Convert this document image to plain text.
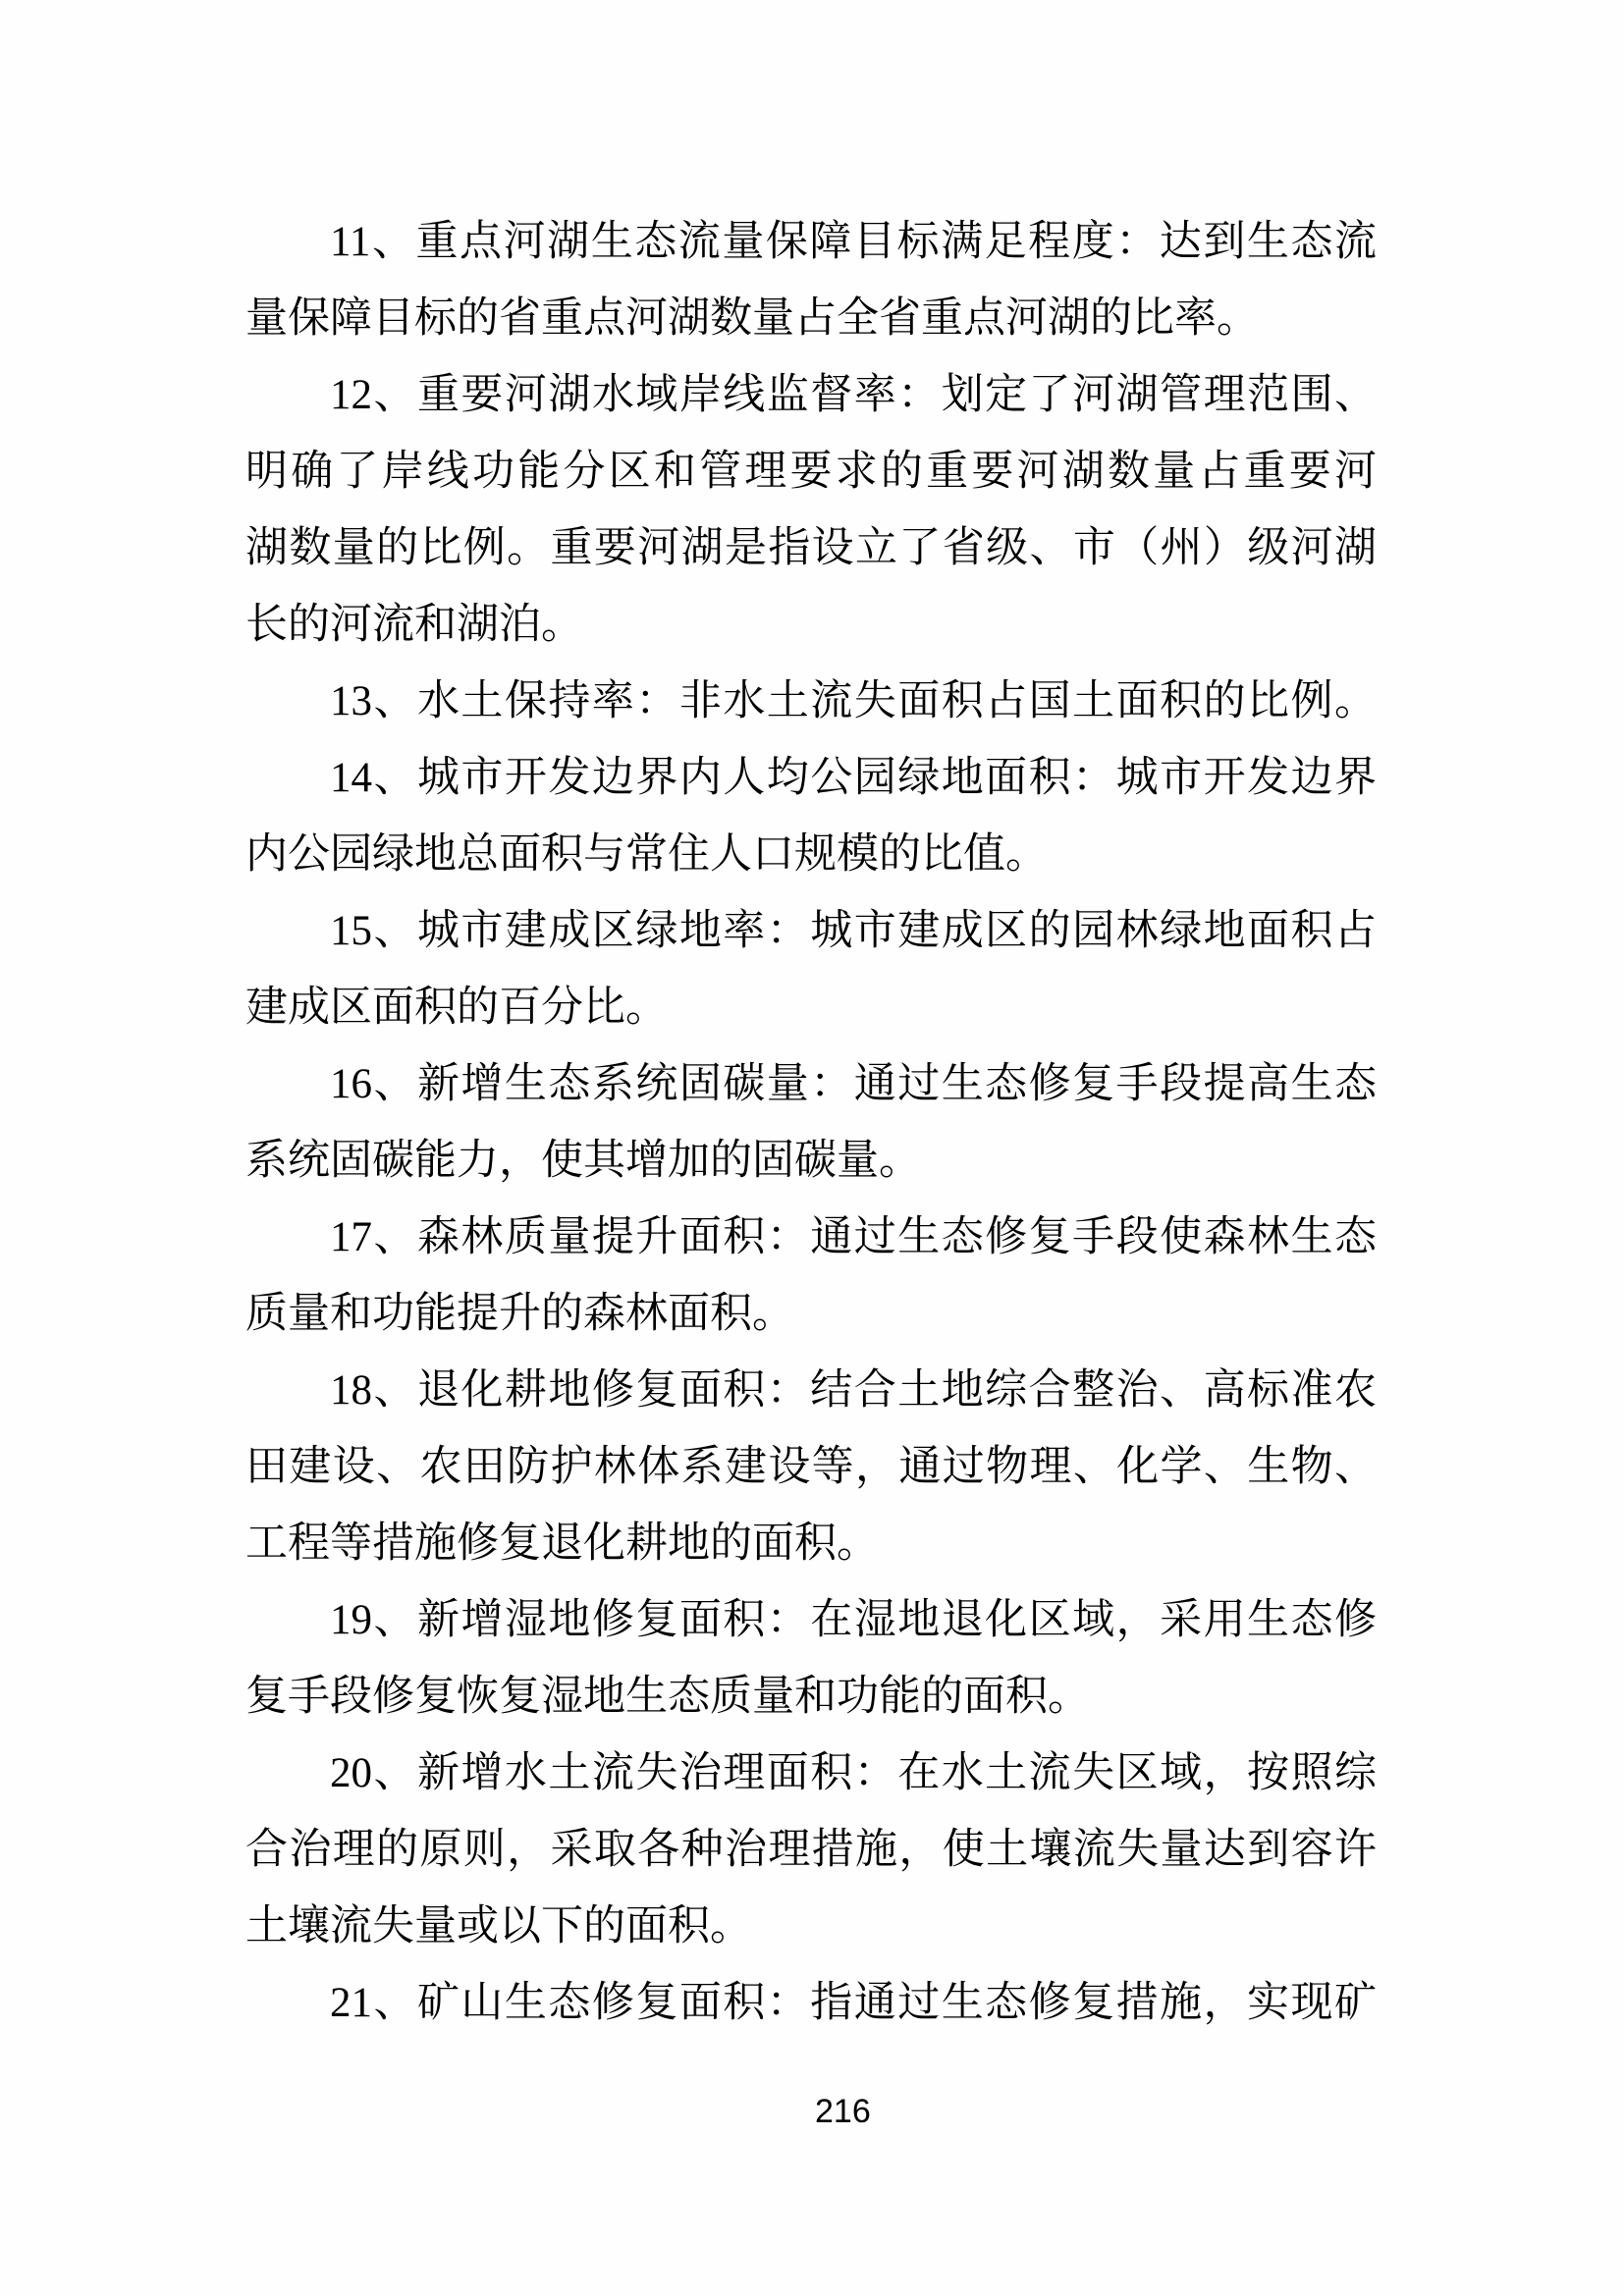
11、重点河湖生态流量保障目标满足程度：达到生态流
量保障目标的省重点河湖数量占全省重点河湖的比率。
12、重要河湖水域岸线监督率：划定了河湖管理范围、
明确了岸线功能分区和管理要求的重要河湖数量占重要河
湖数量的比例。重要河湖是指设立了省级、市（州）级河湖
长的河流和湖泊。
13、水土保持率：非水土流失面积占国土面积的比例。
14、城市开发边界内人均公园绿地面积：城市开发边界
内公园绿地总面积与常住人口规模的比值。
15、城市建成区绿地率：城市建成区的园林绿地面积占
建成区面积的百分比。
16、新增生态系统固碳量：通过生态修复手段提高生态
系统固碳能力，使其增加的固碳量。
17、森林质量提升面积：通过生态修复手段使森林生态
质量和功能提升的森林面积。
18、退化耕地修复面积：结合土地综合整治、高标准农
田建设、农田防护林体系建设等，通过物理、化学、生物、
工程等措施修复退化耕地的面积。
19、新增湿地修复面积：在湿地退化区域，采用生态修
复手段修复恢复湿地生态质量和功能的面积。
20、新增水土流失治理面积：在水土流失区域，按照综
合治理的原则，采取各种治理措施，使土壤流失量达到容许
土壤流失量或以下的面积。
21、矿山生态修复面积：指通过生态修复措施，实现矿
216
